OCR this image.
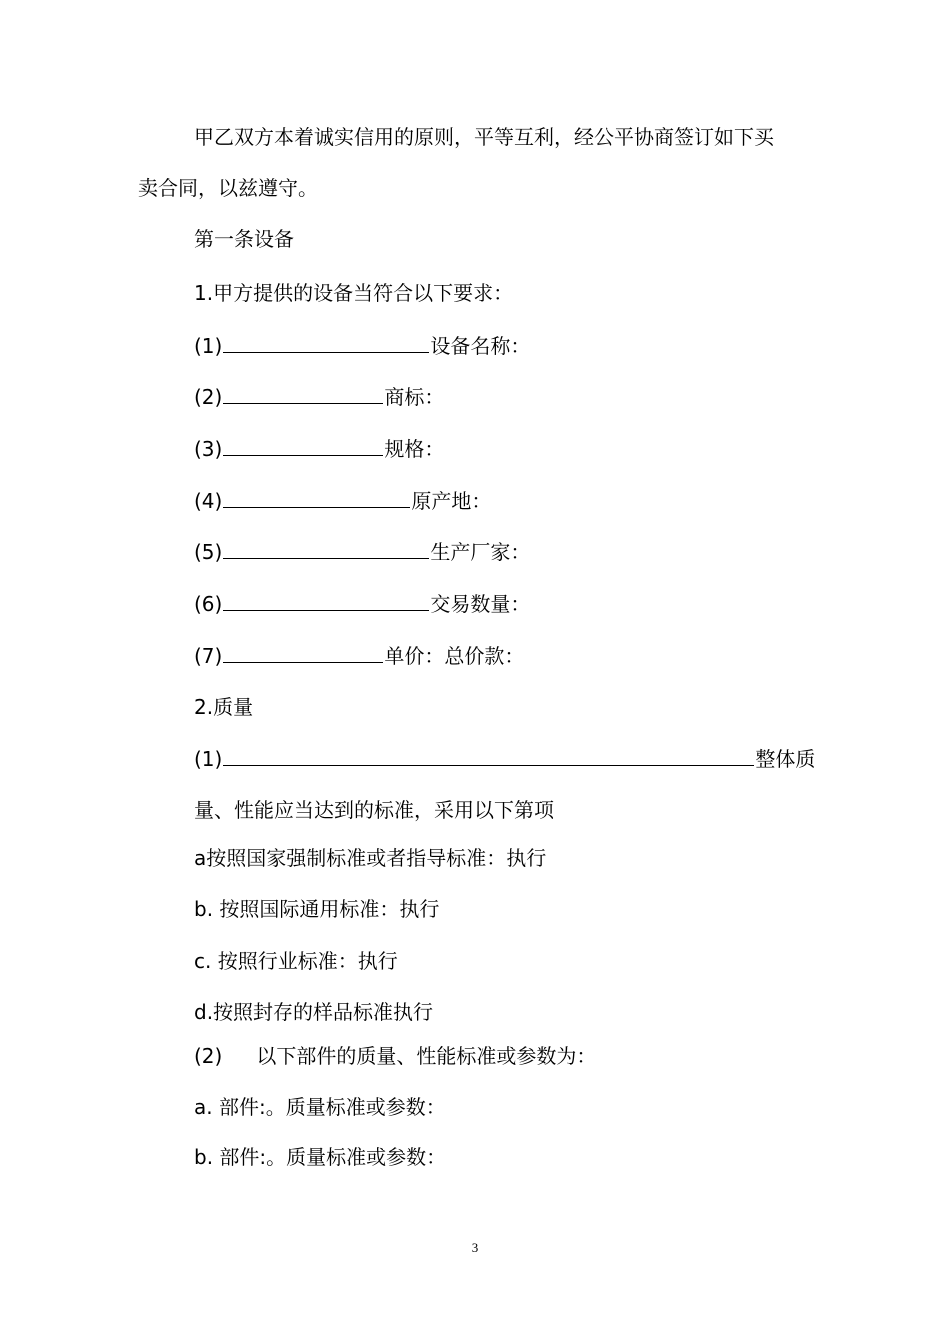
甲乙双方本着诚实信用的原则，平等互利，经公平协商签订如下买
卖合同，以兹遵守。
第一条设备
1.甲方提供的设备当符合以下要求：
(1)	设备名称：
(2)	商标：
(3)	规格：
(4)	原产地：
(5)	生产厂家：
(6)	交易数量：
(7)	单价：总价款：
2.质量
(1)	整体质
量、性能应当达到的标准，采用以下第项
a按照国家强制标准或者指导标准：执行
b. 按照国际通用标准：执行
c. 按照行业标准：执行
d.按照封存的样品标准执行
(2) 以下部件的质量、性能标准或参数为：
a. 部件:。质量标准或参数：
b. 部件:。质量标准或参数：
3
